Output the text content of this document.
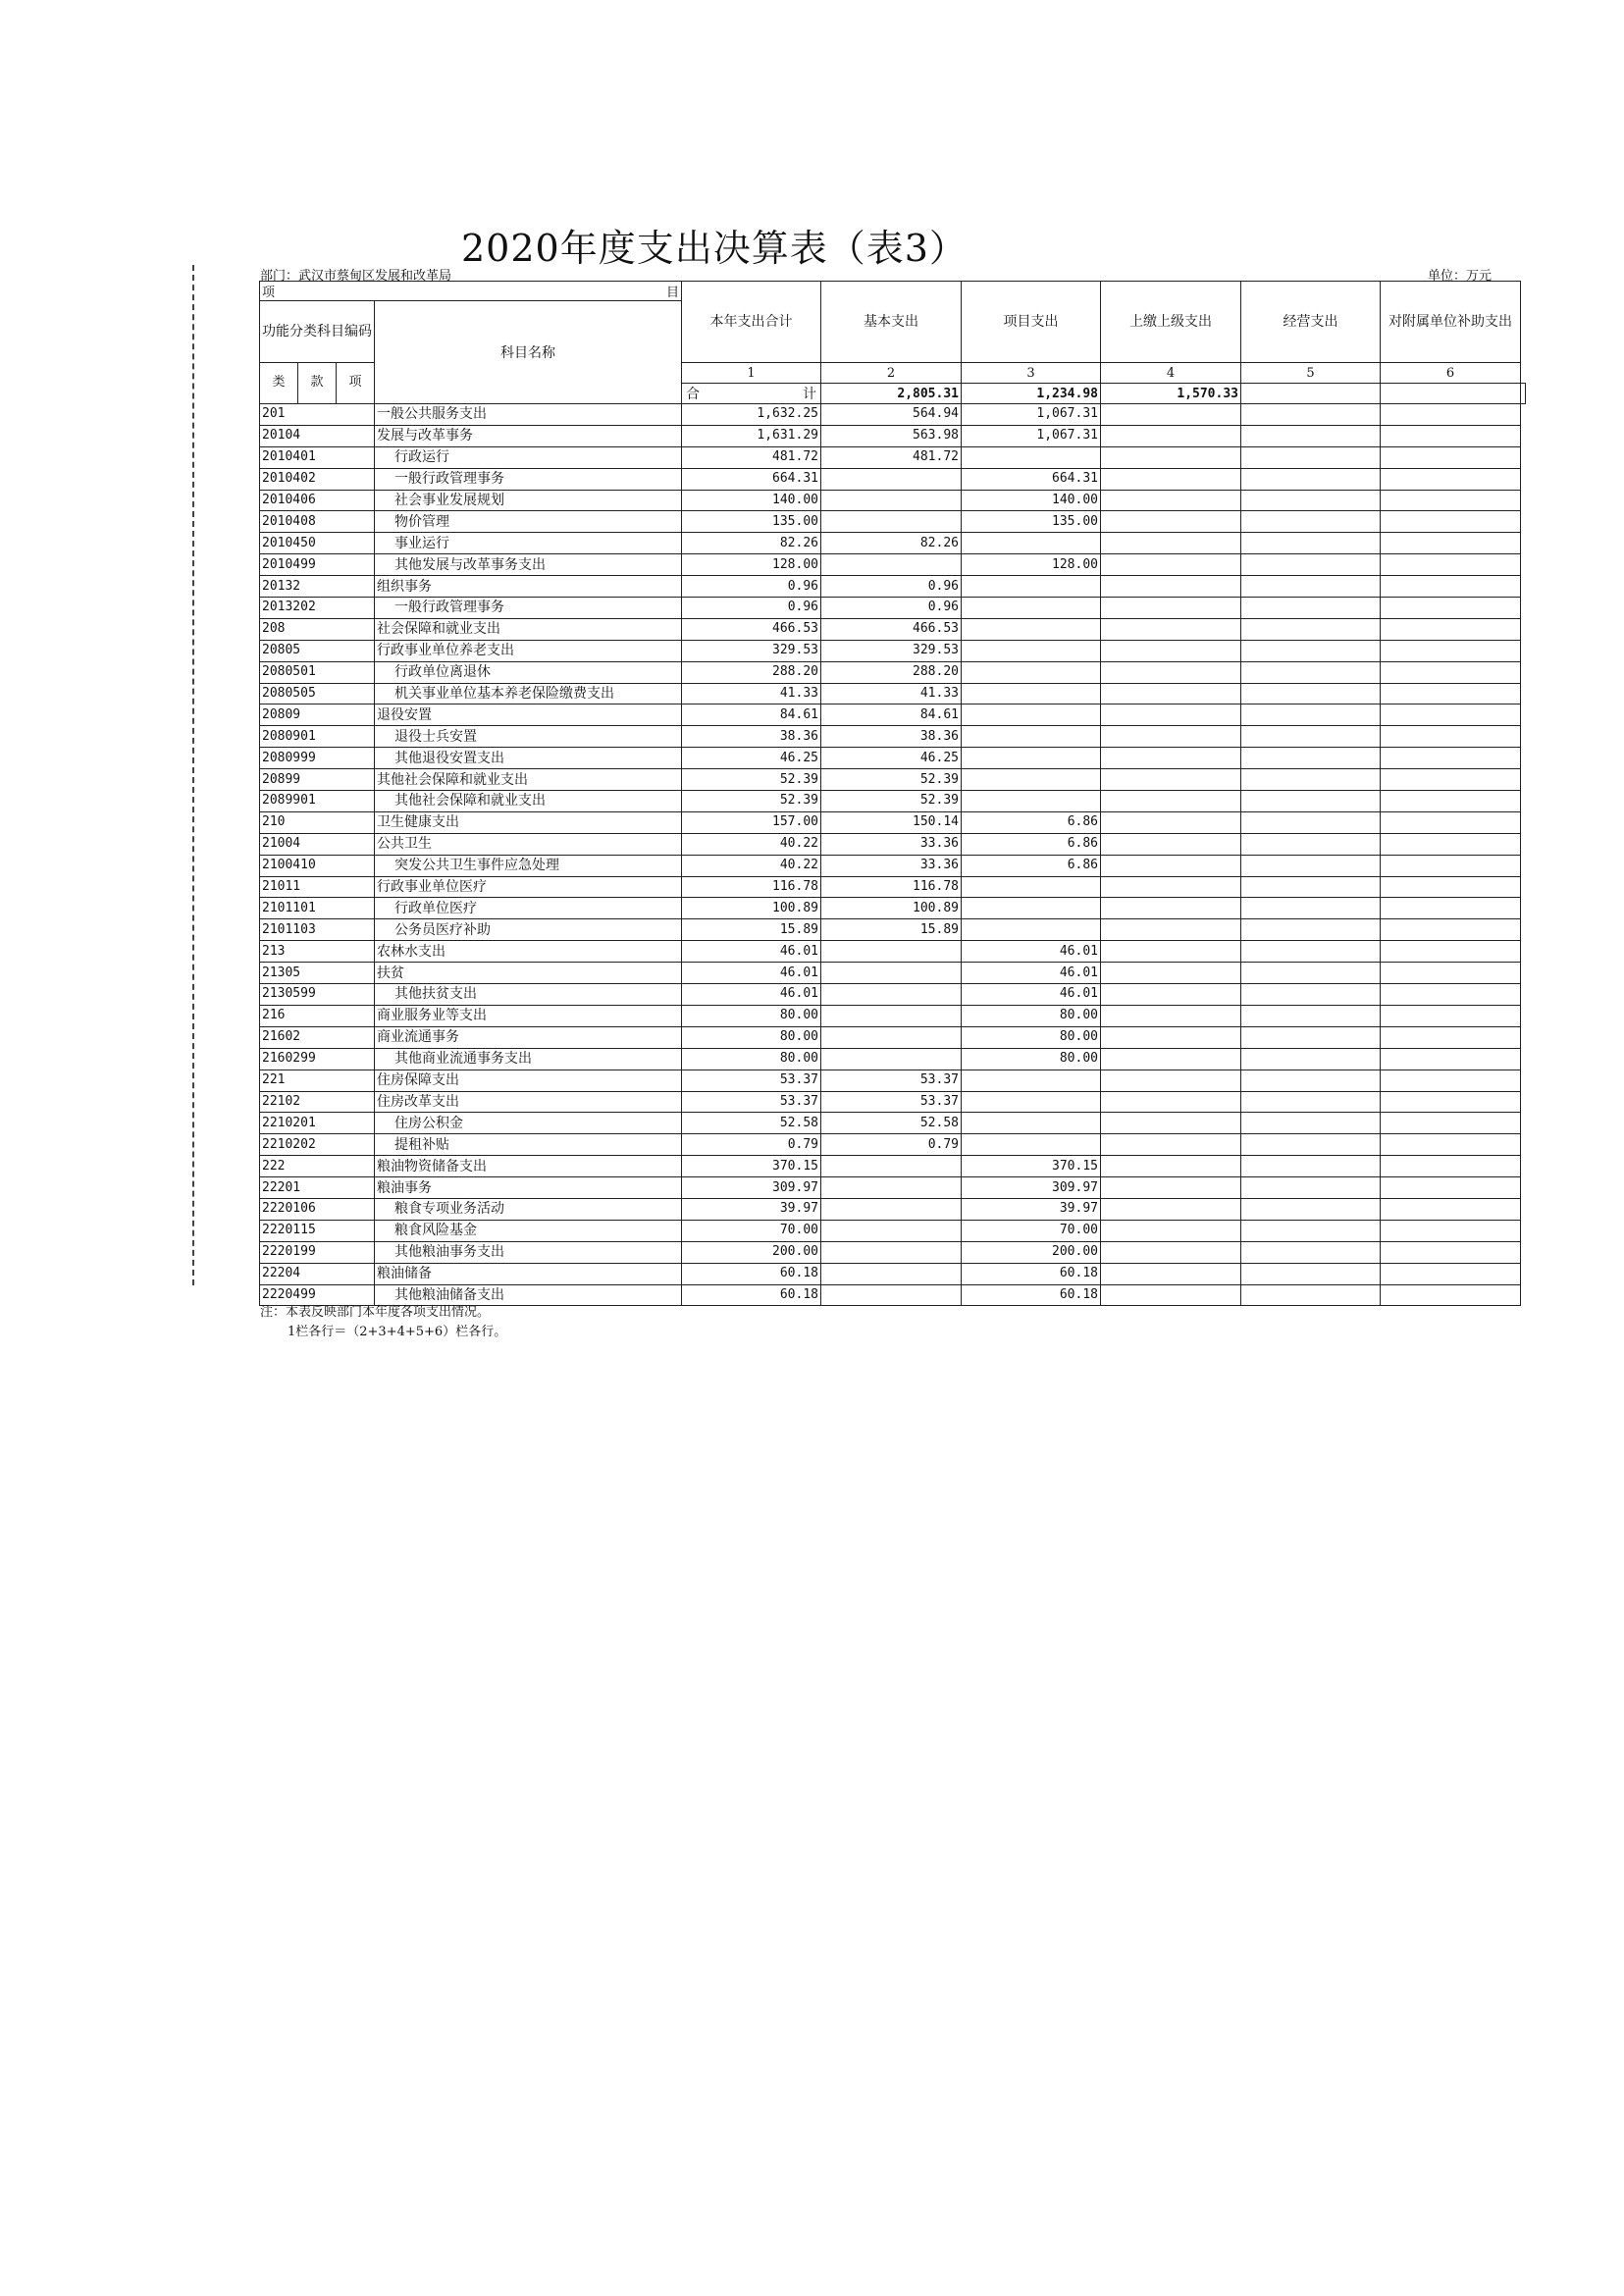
2020年度支出决算表（表3）
部门：武汉市蔡甸区发展和改革局	单位：万元
项 目		本年支出合计	基本支出	项目支出	上缴上级支出	经营支出	对附属单位补助支出	
功能分类科目编码	科目名称							

类 款 项		1	2	3	4	5	6	

		合 计	2,805.31	1,234.98	1,570.33			
201	一般公共服务支出	1,632.25	564.94	1,067.31				
20104	发展与改革事务	1,631.29	563.98	1,067.31				
2010401	行政运行	481.72	481.72					
2010402	一般行政管理事务	664.31		664.31				
2010406	社会事业发展规划	140.00		140.00				
2010408	物价管理	135.00		135.00				
2010450	事业运行	82.26	82.26					
2010499	其他发展与改革事务支出	128.00		128.00				
20132	组织事务	0.96	0.96					
2013202	一般行政管理事务	0.96	0.96					
208	社会保障和就业支出	466.53	466.53					
20805	行政事业单位养老支出	329.53	329.53					
2080501	行政单位离退休	288.20	288.20					
2080505	机关事业单位基本养老保险缴费支出	41.33	41.33					
20809	退役安置	84.61	84.61					
2080901	退役士兵安置	38.36	38.36					
2080999	其他退役安置支出	46.25	46.25					
20899	其他社会保障和就业支出	52.39	52.39					
2089901	其他社会保障和就业支出	52.39	52.39					
210	卫生健康支出	157.00	150.14	6.86				
21004	公共卫生	40.22	33.36	6.86				
2100410	突发公共卫生事件应急处理	40.22	33.36	6.86				
21011	行政事业单位医疗	116.78	116.78					
2101101	行政单位医疗	100.89	100.89					
2101103	公务员医疗补助	15.89	15.89					
213	农林水支出	46.01		46.01				
21305	扶贫	46.01		46.01				
2130599	其他扶贫支出	46.01		46.01				
216	商业服务业等支出	80.00		80.00				
21602	商业流通事务	80.00		80.00				
2160299	其他商业流通事务支出	80.00		80.00				
221	住房保障支出	53.37	53.37					
22102	住房改革支出	53.37	53.37					
2210201	住房公积金	52.58	52.58					
2210202	提租补贴	0.79	0.79					
222	粮油物资储备支出	370.15		370.15				
22201	粮油事务	309.97		309.97				
2220106	粮食专项业务活动	39.97		39.97				
2220115	粮食风险基金	70.00		70.00				
2220199	其他粮油事务支出	200.00		200.00				
22204	粮油储备	60.18		60.18				
2220499	其他粮油储备支出	60.18		60.18				
注：本表反映部门本年度各项支出情况。
1栏各行＝（2+3+4+5+6）栏各行。
